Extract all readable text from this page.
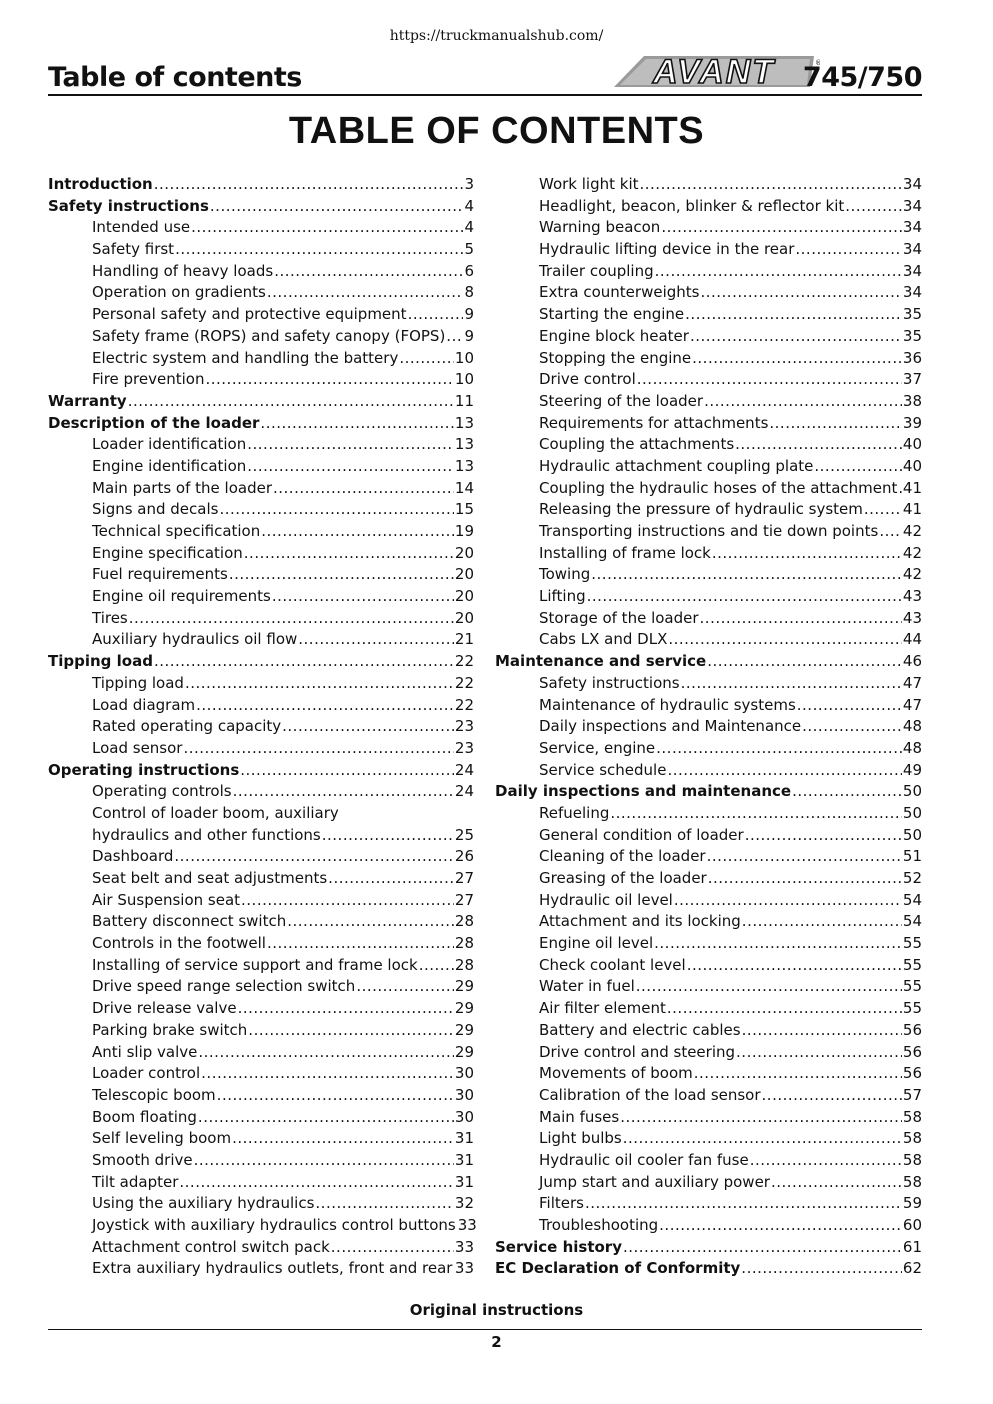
https://truckmanualshub.com/
Table of contents	AVANT	®
745/750
TABLE OF CONTENTS
Introduction .....	3
Safety instructions .....	4
Intended use .....	4
Safety first .....	5
Handling of heavy loads .....	6
Operation on gradients .....	8
Personal safety and protective equipment .....	9
Safety frame (ROPS) and safety canopy (FOPS) ..... 9
Electric system and handling the battery .....	10
Fire prevention .....	10
Warranty .....	11
Description of the loader .....	13
Loader identification .....	13
Engine identification .....	13
Main parts of the loader .....	14
Signs and decals .....	15
Technical specification .....	19
Engine specification .....	20
Fuel requirements .....	20
Engine oil requirements .....	20
Tires .....	20
Auxiliary hydraulics oil flow .....	21
Tipping load .....	22
Tipping load .....	22
Load diagram .....	22
Rated operating capacity .....	23
Load sensor .....	23
Operating instructions .....	24
Operating controls .....	24
Control of loader boom, auxiliary
hydraulics and other functions .....	25
Dashboard .....	26
Seat belt and seat adjustments .....	27
Air Suspension seat .....	27
Battery disconnect switch .....	28
Controls in the footwell .....	28
Installing of service support and frame lock ..... 28
Drive speed range selection switch .....	29
Drive release valve .....	29
Parking brake switch .....	29
Anti slip valve .....	29
Loader control .....	30
Telescopic boom .....	30
Boom floating .....	30
Self leveling boom .....	31
Smooth drive .....	31
Tilt adapter .....	31
Using the auxiliary hydraulics .....	32
Joystick with auxiliary hydraulics control buttons 33
Attachment control switch pack .....	33
Extra auxiliary hydraulics outlets, front and rear ..... 33
Work light kit .....	34
Headlight, beacon, blinker & reflector kit .....	34
Warning beacon .....	34
Hydraulic lifting device in the rear .....	34
Trailer coupling .....	34
Extra counterweights .....	34
Starting the engine .....	35
Engine block heater .....	35
Stopping the engine .....	36
Drive control .....	37
Steering of the loader .....	38
Requirements for attachments .....	39
Coupling the attachments .....	40
Hydraulic attachment coupling plate .....	40
Coupling the hydraulic hoses of the attachment ..... 41
Releasing the pressure of hydraulic system .....	41
Transporting instructions and tie down points ..... 42
Installing of frame lock .....	42
Towing .....	42
Lifting .....	43
Storage of the loader .....	43
Cabs LX and DLX .....	44
Maintenance and service .....	46
Safety instructions .....	47
Maintenance of hydraulic systems .....	47
Daily inspections and Maintenance .....	48
Service, engine .....	48
Service schedule .....	49
Daily inspections and maintenance .....	50
Refueling .....	50
General condition of loader .....	50
Cleaning of the loader .....	51
Greasing of the loader .....	52
Hydraulic oil level .....	54
Attachment and its locking .....	54
Engine oil level .....	55
Check coolant level .....	55
Water in fuel .....	55
Air filter element .....	55
Battery and electric cables .....	56
Drive control and steering .....	56
Movements of boom .....	56
Calibration of the load sensor .....	57
Main fuses .....	58
Light bulbs .....	58
Hydraulic oil cooler fan fuse .....	58
Jump start and auxiliary power .....	58
Filters .....	59
Troubleshooting .....	60
Service history .....	61
EC Declaration of Conformity .....	62
Original instructions
2
